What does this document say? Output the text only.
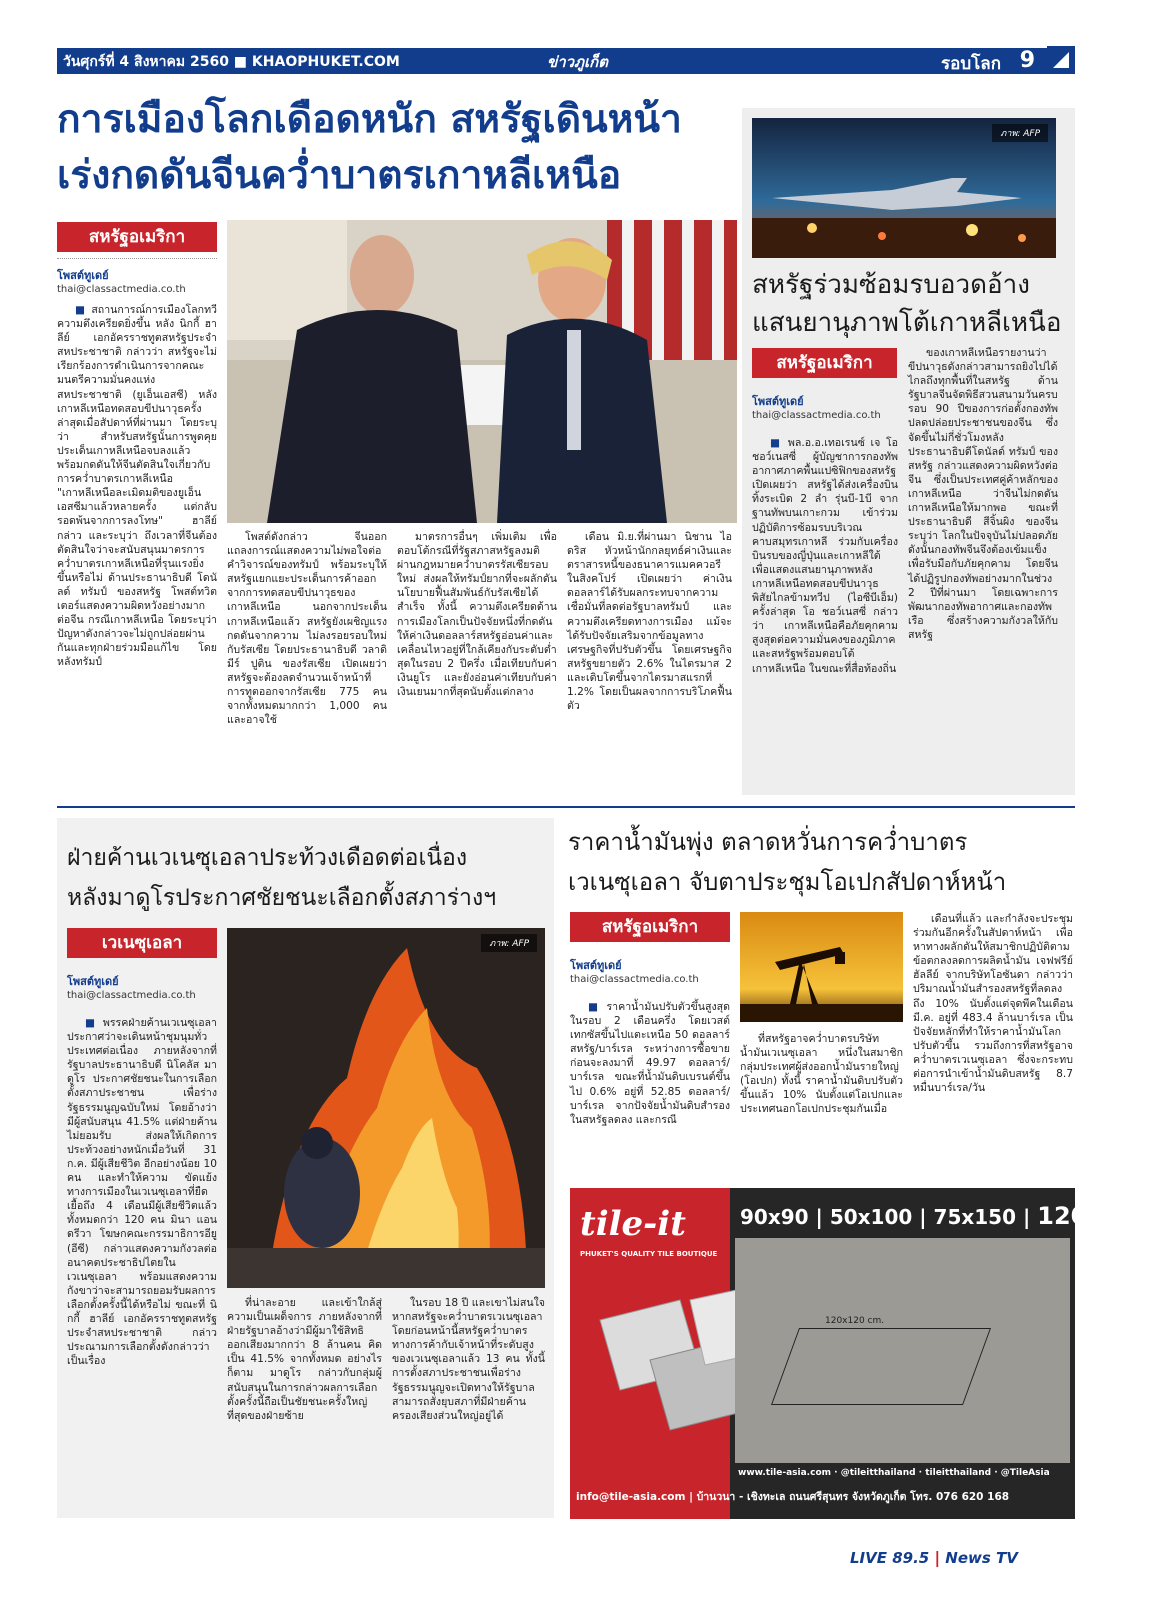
วันศุกร์ที่ 4 สิงหาคม 2560 ■ KHAOPHUKET.COM	ข่าวภูเก็ต	รอบโลก 9
การเมืองโลกเดือดหนัก สหรัฐเดินหน้า
เร่งกดดันจีนคว่ำบาตรเกาหลีเหนือ
สหรัฐอเมริกา
โพสต์ทูเดย์
thai@classactmedia.co.th

■ สถานการณ์การเมืองโลกทวีความตึงเครียดยิ่งขึ้น หลัง นิกกี้ ฮาลีย์ เอกอัครราชทูตสหรัฐประจำสหประชาชาติ กล่าวว่า สหรัฐจะไม่เรียกร้องการดำเนินการจากคณะมนตรีความมั่นคงแห่งสหประชาชาติ (ยูเอ็นเอสซี) หลังเกาหลีเหนือทดสอบขีปนาวุธครั้งล่าสุดเมื่อสัปดาห์ที่ผ่านมา โดยระบุว่า สำหรับสหรัฐนั้นการพูดคุยประเด็นเกาหลีเหนือจบลงแล้ว พร้อมกดดันให้จีนตัดสินใจเกี่ยวกับการคว่ำบาตรเกาหลีเหนือ "เกาหลีเหนือละเมิดมติของยูเอ็นเอสซีมาแล้วหลายครั้ง แต่กลับรอดพ้นจากการลงโทษ" ฮาลีย์ กล่าว และระบุว่า ถึงเวลาที่จีนต้องตัดสินใจว่าจะสนับสนุนมาตรการคว่ำบาตรเกาหลีเหนือที่รุนแรงยิ่งขึ้นหรือไม่ ด้านประธานาธิบดี โดนัลด์ ทรัมป์ ของสหรัฐ โพสต์ทวิตเตอร์แสดงความผิดหวังอย่างมากต่อจีน กรณีเกาหลีเหนือ โดยระบุว่า ปัญหาดังกล่าวจะไม่ถูกปล่อยผ่านกันและทุกฝ่ายร่วมมือแก้ไข โดยหลังทรัมป์

โพสต์ดังกล่าว จีนออกแถลงการณ์แสดงความไม่พอใจต่อ คำวิจารณ์ของทรัมป์ พร้อมระบุให้ สหรัฐแยกแยะประเด็นการค้าออกจากการทดสอบขีปนาวุธของเกาหลีเหนือ นอกจากประเด็นเกาหลีเหนือแล้ว สหรัฐยังเผชิญแรงกดดันจากความ ไม่ลงรอยรอบใหม่กับรัสเซีย โดยประธานาธิบดี วลาดิมีร์ ปูติน ของรัสเซีย เปิดเผยว่า สหรัฐจะต้องลดจำนวนเจ้าหน้าที่การทูตออกจากรัสเซีย 775 คน จากทั้งหมดมากกว่า 1,000 คน และอาจใช้

มาตรการอื่นๆ เพิ่มเติม เพื่อตอบโต้กรณีที่รัฐสภาสหรัฐลงมติผ่านกฎหมายคว่ำบาตรรัสเซียรอบใหม่ ส่งผลให้ทรัมป์ยากที่จะผลักดันนโยบายฟื้นสัมพันธ์กับรัสเซียได้สำเร็จ ทั้งนี้ ความตึงเครียดด้านการเมืองโลกเป็นปัจจัยหนึ่งที่กดดันให้ค่าเงินดอลลาร์สหรัฐอ่อนค่าและเคลื่อนไหวอยู่ที่ใกล้เคียงกับระดับต่ำสุดในรอบ 2 ปีครึ่ง เมื่อเทียบกับค่าเงินยูโร และยังอ่อนค่าเทียบกับค่าเงินเยนมากที่สุดนับตั้งแต่กลาง

เดือน มิ.ย.ที่ผ่านมา นิชาน ไอดริส หัวหน้านักกลยุทธ์ค่าเงินและตราสารหนี้ของธนาคารแมคควอรีในสิงคโปร์ เปิดเผยว่า ค่าเงินดอลลาร์ได้รับผลกระทบจากความเชื่อมั่นที่ลดต่อรัฐบาลทรัมป์ และความตึงเครียดทางการเมือง แม้จะได้รับปัจจัยเสริมจากข้อมูลทางเศรษฐกิจที่ปรับตัวขึ้น โดยเศรษฐกิจสหรัฐขยายตัว 2.6% ในไตรมาส 2 และเติบโตขึ้นจากไตรมาสแรกที่ 1.2% โดยเป็นผลจากการบริโภคฟื้นตัว

ภาพ: AFP
สหรัฐร่วมซ้อมรบอวดอ้าง
แสนยานุภาพโต้เกาหลีเหนือ
สหรัฐอเมริกา
โพสต์ทูเดย์
thai@classactmedia.co.th

■ พล.อ.อ.เทอเรนซ์ เจ โอ ชอว์เนสซี่ ผู้บัญชาการกองทัพอากาศภาคพื้นแปซิฟิกของสหรัฐ เปิดเผยว่า สหรัฐได้ส่งเครื่องบินทิ้งระเบิด 2 ลำ รุ่นบี-1บี จากฐานทัพบนเกาะกวม เข้าร่วมปฏิบัติการซ้อมรบบริเวณคาบสมุทรเกาหลี ร่วมกับเครื่องบินรบของญี่ปุ่นและเกาหลีใต้ เพื่อแสดงแสนยานุภาพหลังเกาหลีเหนือทดสอบขีปนาวุธพิสัยไกลข้ามทวีป (ไอซีบีเอ็ม) ครั้งล่าสุด โอ ชอว์เนสซี่ กล่าวว่า เกาหลีเหนือคือภัยคุกคามสูงสุดต่อความมั่นคงของภูมิภาค และสหรัฐพร้อมตอบโต้เกาหลีเหนือ ในขณะที่สื่อท้องถิ่น

ของเกาหลีเหนือรายงานว่า ขีปนาวุธดังกล่าวสามารถยิงไปได้ไกลถึงทุกพื้นที่ในสหรัฐ ด้านรัฐบาลจีนจัดพิธีสวนสนามวันครบรอบ 90 ปีของการก่อตั้งกองทัพปลดปล่อยประชาชนของจีน ซึ่งจัดขึ้นไม่กี่ชั่วโมงหลังประธานาธิบดีโดนัลด์ ทรัมป์ ของสหรัฐ กล่าวแสดงความผิดหวังต่อจีน ซึ่งเป็นประเทศคู่ค้าหลักของเกาหลีเหนือ ว่าจีนไม่กดดันเกาหลีเหนือให้มากพอ ขณะที่ประธานาธิบดี สีจิ้นผิง ของจีน ระบุว่า โลกในปัจจุบันไม่ปลอดภัย ดังนั้นกองทัพจีนจึงต้องเข้มแข็งเพื่อรับมือกับภัยคุกคาม โดยจีนได้ปฏิรูปกองทัพอย่างมากในช่วง 2 ปีที่ผ่านมา โดยเฉพาะการพัฒนากองทัพอากาศและกองทัพเรือ ซึ่งสร้างความกังวลให้กับสหรัฐ

ฝ่ายค้านเวเนซุเอลาประท้วงเดือดต่อเนื่อง
หลังมาดูโรประกาศชัยชนะเลือกตั้งสภาร่างฯ
เวเนซุเอลา
โพสต์ทูเดย์
thai@classactmedia.co.th
ภาพ: AFP

■ พรรคฝ่ายค้านเวเนซุเอลาประกาศว่าจะเดินหน้าชุมนุมทั่วประเทศต่อเนื่อง ภายหลังจากที่รัฐบาลประธานาธิบดี นิโคลัส มาดูโร ประกาศชัยชนะในการเลือกตั้งสภาประชาชน เพื่อร่างรัฐธรรมนูญฉบับใหม่ โดยอ้างว่ามีผู้สนับสนุน 41.5% แต่ฝ่ายค้านไม่ยอมรับ ส่งผลให้เกิดการประท้วงอย่างหนักเมื่อวันที่ 31 ก.ค. มีผู้เสียชีวิต อีกอย่างน้อย 10 คน และทำให้ความ ขัดแย้งทางการเมืองในเวเนซุเอลาที่ยืดเยื้อถึง 4 เดือนมีผู้เสียชีวิตแล้วทั้งหมดกว่า 120 คน มินา แอนดรีวา โฆษกคณะกรรมาธิการอียู (อีซี) กล่าวแสดงความกังวลต่อ อนาคตประชาธิปไตยในเวเนซุเอลา พร้อมแสดงความกังขาว่าจะสามารถยอมรับผลการเลือกตั้งครั้งนี้ได้หรือไม่ ขณะที่ นิกกี้ ฮาลีย์ เอกอัครราชทูตสหรัฐประจำสหประชาชาติ กล่าวประณามการเลือกตั้งดังกล่าวว่าเป็นเรื่อง

ที่น่าละอาย และเข้าใกล้สู่ความเป็นเผด็จการ ภายหลังจากที่ฝ่ายรัฐบาลอ้างว่ามีผู้มาใช้สิทธิออกเสียงมากกว่า 8 ล้านคน คิดเป็น 41.5% จากทั้งหมด อย่างไรก็ตาม มาดูโร กล่าวกับกลุ่มผู้สนับสนุนในการกล่าวผลการเลือกตั้งครั้งนี้ถือเป็นชัยชนะครั้งใหญ่ที่สุดของฝ่ายซ้าย

ในรอบ 18 ปี และเขาไม่สนใจหากสหรัฐจะคว่ำบาตรเวเนซุเอลา โดยก่อนหน้านี้สหรัฐคว่ำบาตรทางการค้ากับเจ้าหน้าที่ระดับสูงของเวเนซุเอลาแล้ว 13 คน ทั้งนี้ การตั้งสภาประชาชนเพื่อร่างรัฐธรรมนูญจะเปิดทางให้รัฐบาลสามารถสั่งยุบสภาที่มีฝ่ายค้านครองเสียงส่วนใหญ่อยู่ได้

ราคาน้ำมันพุ่ง ตลาดหวั่นการคว่ำบาตร
เวเนซุเอลา จับตาประชุมโอเปกสัปดาห์หน้า
สหรัฐอเมริกา
โพสต์ทูเดย์
thai@classactmedia.co.th

■ ราคาน้ำมันปรับตัวขึ้นสูงสุดในรอบ 2 เดือนครึ่ง โดยเวสต์เทกซัสขึ้นไปแตะเหนือ 50 ดอลลาร์สหรัฐ/บาร์เรล ระหว่างการซื้อขาย ก่อนจะลงมาที่ 49.97 ดอลลาร์/บาร์เรล ขณะที่น้ำมันดิบเบรนต์ขึ้นไป 0.6% อยู่ที่ 52.85 ดอลลาร์/บาร์เรล จากปัจจัยน้ำมันดิบสำรองในสหรัฐลดลง และกรณี

ที่สหรัฐอาจคว่ำบาตรบริษัทน้ำมันเวเนซุเอลา หนึ่งในสมาชิกกลุ่มประเทศผู้ส่งออกน้ำมันรายใหญ่ (โอเปก) ทั้งนี้ ราคาน้ำมันดิบปรับตัวขึ้นแล้ว 10% นับตั้งแต่โอเปกและประเทศนอกโอเปกประชุมกันเมื่อ

เดือนที่แล้ว และกำลังจะประชุมร่วมกันอีกครั้งในสัปดาห์หน้า เพื่อหาทางผลักดันให้สมาชิกปฏิบัติตามข้อตกลงลดการผลิตน้ำมัน เจฟฟรีย์ ฮัลลีย์ จากบริษัทโอซันดา กล่าวว่า ปริมาณน้ำมันสำรองสหรัฐที่ลดลงถึง 10% นับตั้งแต่จุดพีคในเดือน มี.ค. อยู่ที่ 483.4 ล้านบาร์เรล เป็นปัจจัยหลักที่ทำให้ราคาน้ำมันโลกปรับตัวขึ้น รวมถึงการที่สหรัฐอาจคว่ำบาตรเวเนซุเอลา ซึ่งจะกระทบต่อการนำเข้าน้ำมันดิบสหรัฐ 8.7 หมื่นบาร์เรล/วัน

tile-it
PHUKET'S QUALITY TILE BOUTIQUE
90x90 | 50x100 | 75x150 | 120x120
120x120 cm.
www.tile-asia.com · @tileitthailand · tileitthailand · @TileAsia
info@tile-asia.com | บ้านวนา - เชิงทะเล ถนนศรีสุนทร จังหวัดภูเก็ต โทร. 076 620 168
LIVE 89.5 | News TV
